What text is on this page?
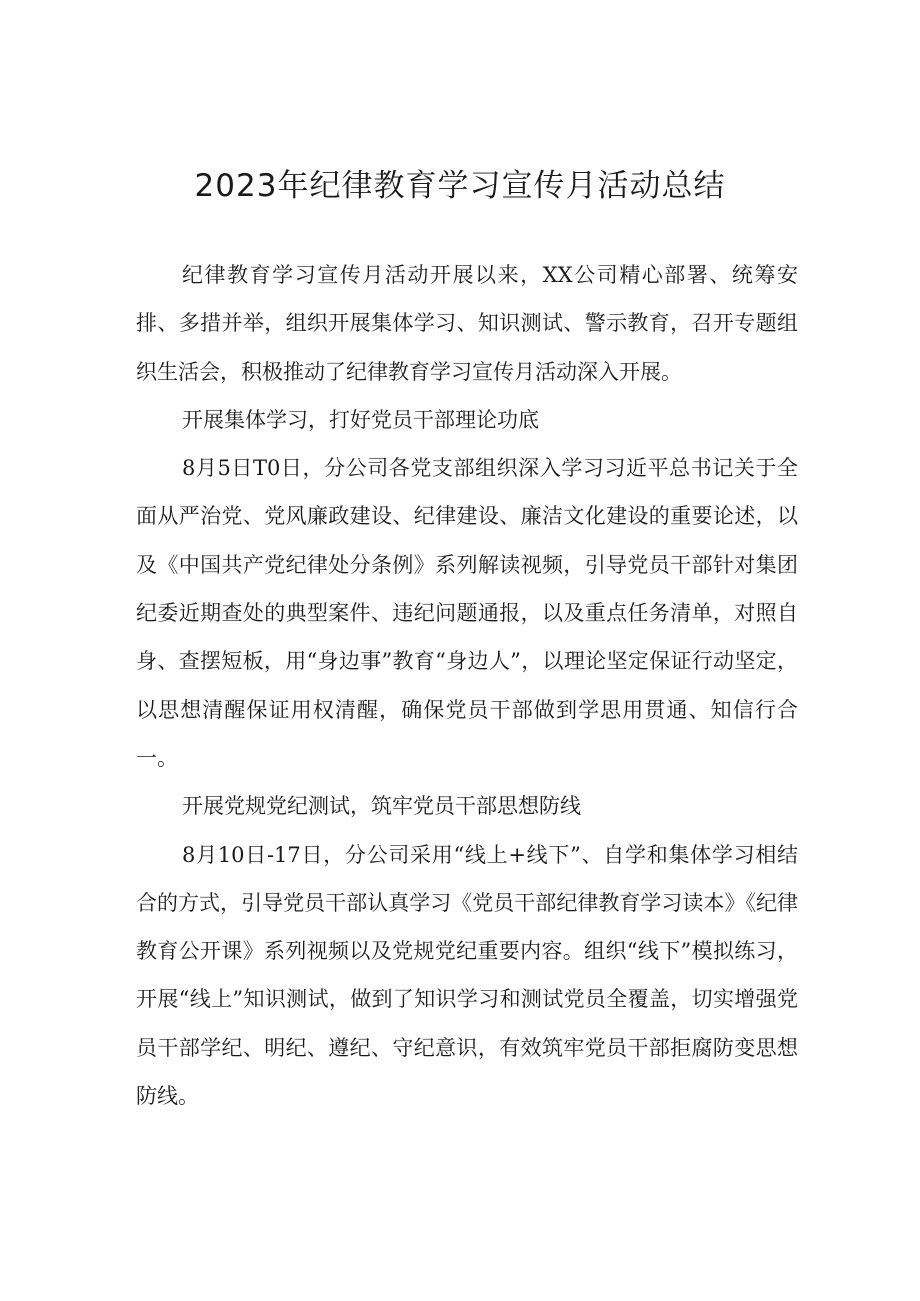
2023年纪律教育学习宣传月活动总结

纪律教育学习宣传月活动开展以来，XX公司精心部署、统筹安排、多措并举，组织开展集体学习、知识测试、警示教育，召开专题组织生活会，积极推动了纪律教育学习宣传月活动深入开展。

开展集体学习，打好党员干部理论功底

8月5日T0日，分公司各党支部组织深入学习习近平总书记关于全面从严治党、党风廉政建设、纪律建设、廉洁文化建设的重要论述，以及《中国共产党纪律处分条例》系列解读视频，引导党员干部针对集团纪委近期查处的典型案件、违纪问题通报，以及重点任务清单，对照自身、查摆短板，用“身边事”教育“身边人”，以理论坚定保证行动坚定，以思想清醒保证用权清醒，确保党员干部做到学思用贯通、知信行合一。

开展党规党纪测试，筑牢党员干部思想防线

8月10日-17日，分公司采用“线上+线下”、自学和集体学习相结合的方式，引导党员干部认真学习《党员干部纪律教育学习读本》《纪律教育公开课》系列视频以及党规党纪重要内容。组织“线下”模拟练习，开展“线上”知识测试，做到了知识学习和测试党员全覆盖，切实增强党员干部学纪、明纪、遵纪、守纪意识，有效筑牢党员干部拒腐防变思想防线。
